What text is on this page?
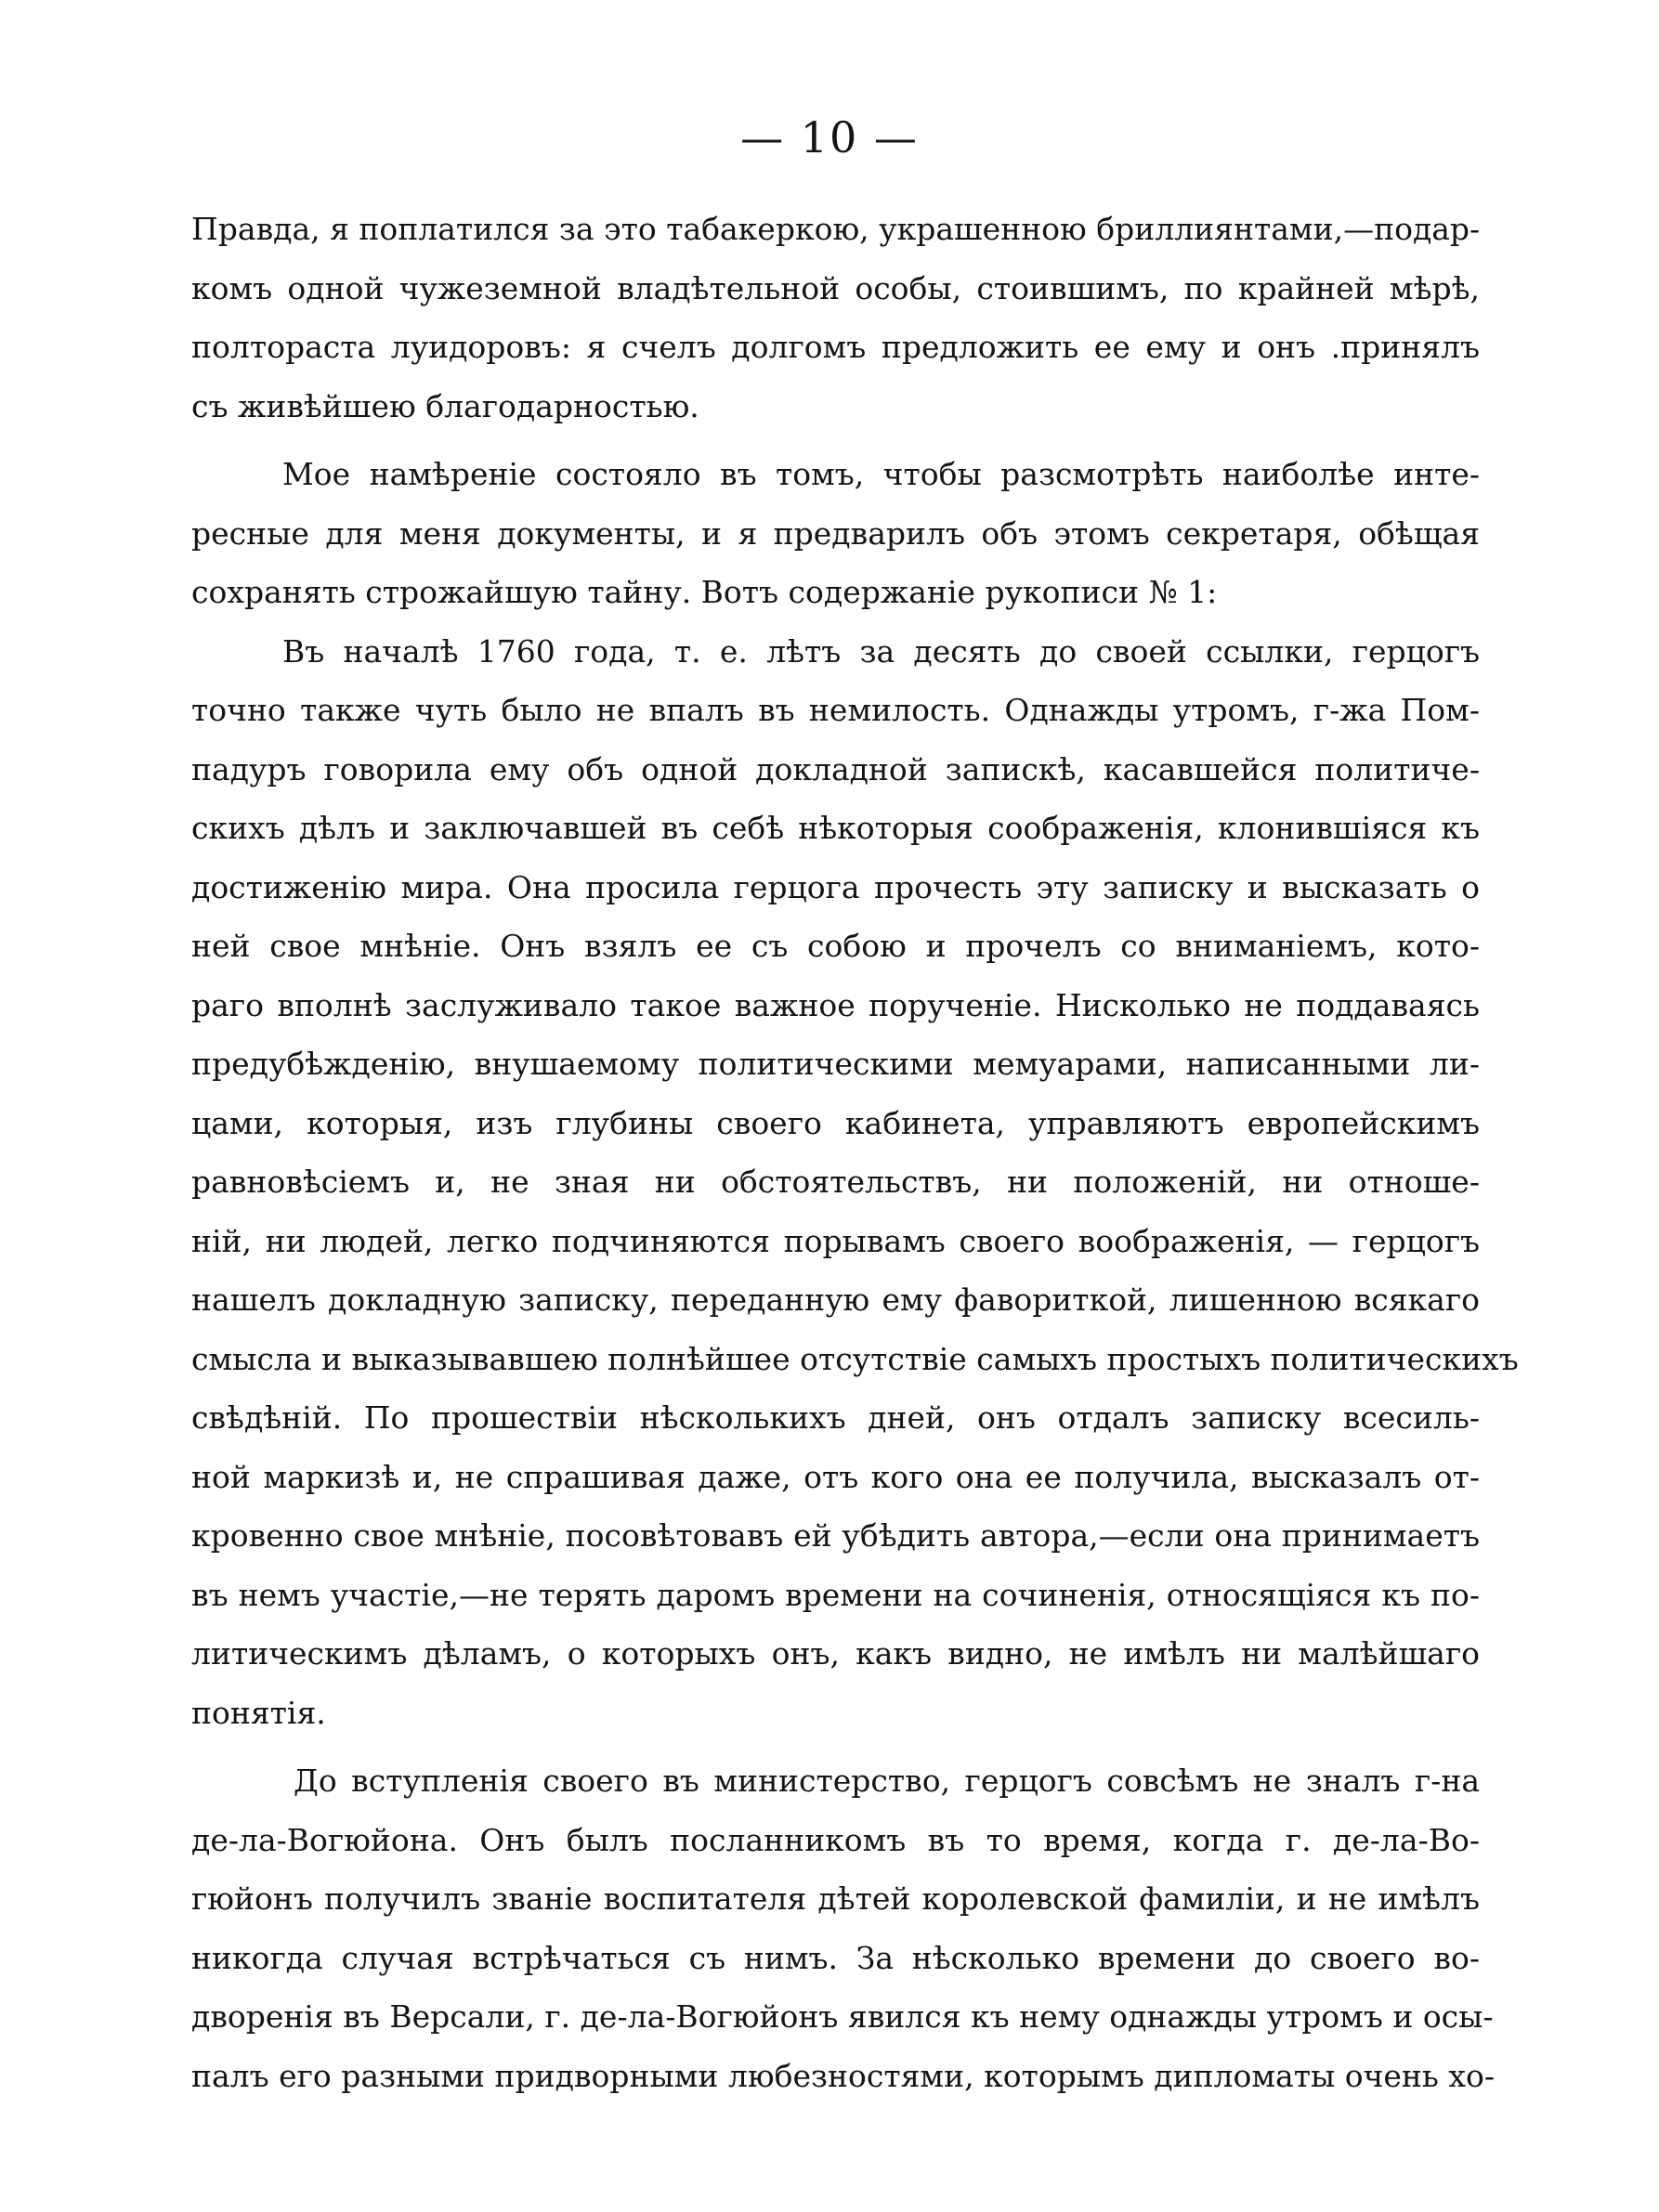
— 10 —
Правда, я поплатился за это табакеркою, украшенною бриллиянтами,—подар-
комъ одной чужеземной владѣтельной особы, стоившимъ, по крайней мѣрѣ,
полтораста луидоровъ: я счелъ долгомъ предложить ее ему и онъ .принялъ
съ живѣйшею благодарностью.
Мое намѣреніе состояло въ томъ, чтобы разсмотрѣть наиболѣе инте-
ресные для меня документы, и я предварилъ объ этомъ секретаря, обѣщая
сохранять строжайшую тайну. Вотъ содержаніе рукописи № 1:
Въ началѣ 1760 года, т. е. лѣтъ за десять до своей ссылки, герцогъ
точно также чуть было не впалъ въ немилость. Однажды утромъ, г-жа Пом-
падуръ говорила ему объ одной докладной запискѣ, касавшейся политиче-
скихъ дѣлъ и заключавшей въ себѣ нѣкоторыя соображенія, клонившіяся къ
достиженію мира. Она просила герцога прочесть эту записку и высказать о
ней свое мнѣніе. Онъ взялъ ее съ собою и прочелъ со вниманіемъ, кото-
раго вполнѣ заслуживало такое важное порученіе. Нисколько не поддаваясь
предубѣжденію, внушаемому политическими мемуарами, написанными ли-
цами, которыя, изъ глубины своего кабинета, управляютъ европейскимъ
равновѣсіемъ и, не зная ни обстоятельствъ, ни положеній, ни отноше-
ній, ни людей, легко подчиняются порывамъ своего воображенія, — герцогъ
нашелъ докладную записку, переданную ему фавориткой, лишенною всякаго
смысла и выказывавшею полнѣйшее отсутствіе самыхъ простыхъ политическихъ
свѣдѣній. По прошествіи нѣсколькихъ дней, онъ отдалъ записку всесиль-
ной маркизѣ и, не спрашивая даже, отъ кого она ее получила, высказалъ от-
кровенно свое мнѣніе, посовѣтовавъ ей убѣдить автора,—если она принимаетъ
въ немъ участіе,—не терять даромъ времени на сочиненія, относящіяся къ по-
литическимъ дѣламъ, о которыхъ онъ, какъ видно, не имѣлъ ни малѣйшаго
понятія.
До вступленія своего въ министерство, герцогъ совсѣмъ не зналъ г-на
де-ла-Вогюйона. Онъ былъ посланникомъ въ то время, когда г. де-ла-Во-
гюйонъ получилъ званіе воспитателя дѣтей королевской фамиліи, и не имѣлъ
никогда случая встрѣчаться съ нимъ. За нѣсколько времени до своего во-
двоpенія въ Версали, г. де-ла-Вогюйонъ явился къ нему однажды утромъ и осы-
палъ его разными придворными любезностями, которымъ дипломаты очень хо-
